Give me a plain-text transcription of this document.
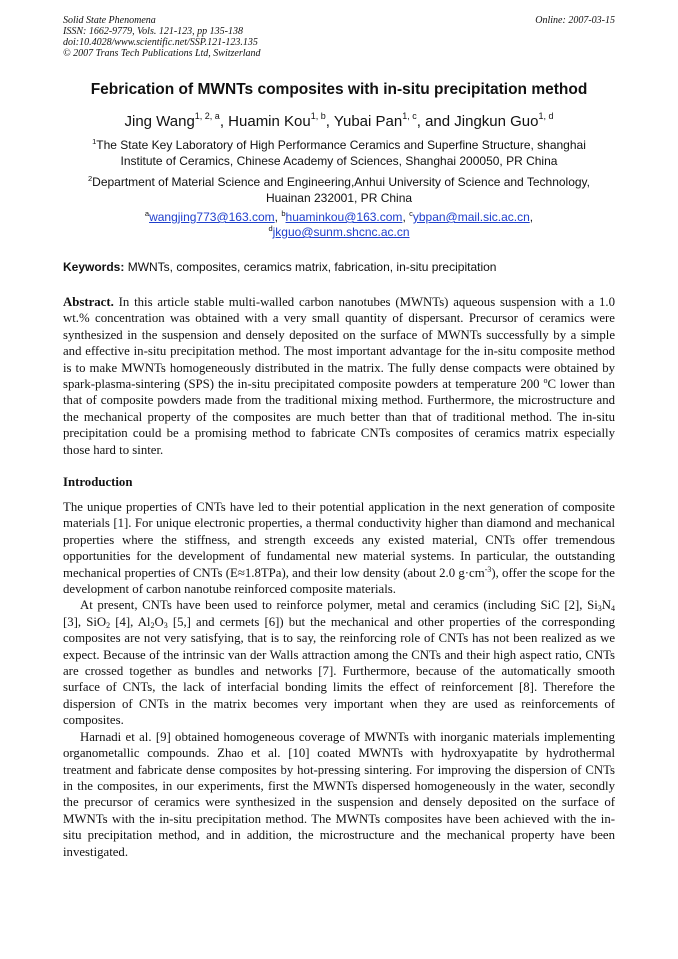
Solid State Phenomena
ISSN: 1662-9779, Vols. 121-123, pp 135-138
doi:10.4028/www.scientific.net/SSP.121-123.135
© 2007 Trans Tech Publications Ltd, Switzerland
Online: 2007-03-15
Febrication of MWNTs composites with in-situ precipitation method
Jing Wang$^{1, 2, a}$, Huamin Kou$^{1, b}$, Yubai Pan$^{1, c}$, and Jingkun Guo$^{1, d}$
$^1$The State Key Laboratory of High Performance Ceramics and Superfine Structure, shanghai
Institute of Ceramics, Chinese Academy of Sciences, Shanghai 200050, PR China
$^2$Department of Material Science and Engineering,Anhui University of Science and Technology,
Huainan 232001, PR China
$^a$wangjing773@163.com, $^b$huaminkou@163.com, $^c$ybpan@mail.sic.ac.cn,
$^d$jkguo@sunm.shcnc.ac.cn
Keywords: MWNTs, composites, ceramics matrix, fabrication, in-situ precipitation
Abstract. In this article stable multi-walled carbon nanotubes (MWNTs) aqueous suspension with a 1.0 wt.% concentration was obtained with a very small quantity of dispersant. Precursor of ceramics were synthesized in the suspension and densely deposited on the surface of MWNTs successfully by a simple and effective in-situ precipitation method. The most important advantage for the in-situ composite method is to make MWNTs homogeneously distributed in the matrix. The fully dense compacts were obtained by spark-plasma-sintering (SPS) the in-situ precipitated composite powders at temperature 200 $^o$C lower than that of composite powders made from the traditional mixing method. Furthermore, the microstructure and the mechanical property of the composites are much better than that of traditional method. The in-situ precipitation could be a promising method to fabricate CNTs composites of ceramics matrix especially those hard to sinter.
Introduction
The unique properties of CNTs have led to their potential application in the next generation of composite materials [1]. For unique electronic properties, a thermal conductivity higher than diamond and mechanical properties where the stiffness, and strength exceeds any existed material, CNTs offer tremendous opportunities for the development of fundamental new material systems. In particular, the outstanding mechanical properties of CNTs (E≈1.8TPa), and their low density (about 2.0 $g\cdot cm^{-3}$), offer the scope for the development of carbon nanotube reinforced composite materials.
At present, CNTs have been used to reinforce polymer, metal and ceramics (including SiC [2], $Si_3N_4$ [3], SiO$_2$ [4], $Al_2O_3$ [5,] and cermets [6]) but the mechanical and other properties of the corresponding composites are not very satisfying, that is to say, the reinforcing role of CNTs has not been realized as we expect. Because of the intrinsic van der Walls attraction among the CNTs and their high aspect ratio, CNTs are crossed together as bundles and networks [7]. Furthermore, because of the automatically smooth surface of CNTs, the lack of interfacial bonding limits the effect of reinforcement [8]. Therefore the dispersion of CNTs in the matrix becomes very important when they are used as reinforcements of composites.
Harnadi et al. [9] obtained homogeneous coverage of MWNTs with inorganic materials implementing organometallic compounds. Zhao et al. [10] coated MWNTs with hydroxyapatite by hydrothermal treatment and fabricate dense composites by hot-pressing sintering. For improving the dispersion of CNTs in the composites, in our experiments, first the MWNTs dispersed homogeneously in the water, secondly the precursor of ceramics were synthesized in the suspension and densely deposited on the surface of MWNTs with the in-situ precipitation method. The MWNTs composites have been achieved with the in-situ precipitation method, and in addition, the microstructure and the mechanical property have been investigated.
